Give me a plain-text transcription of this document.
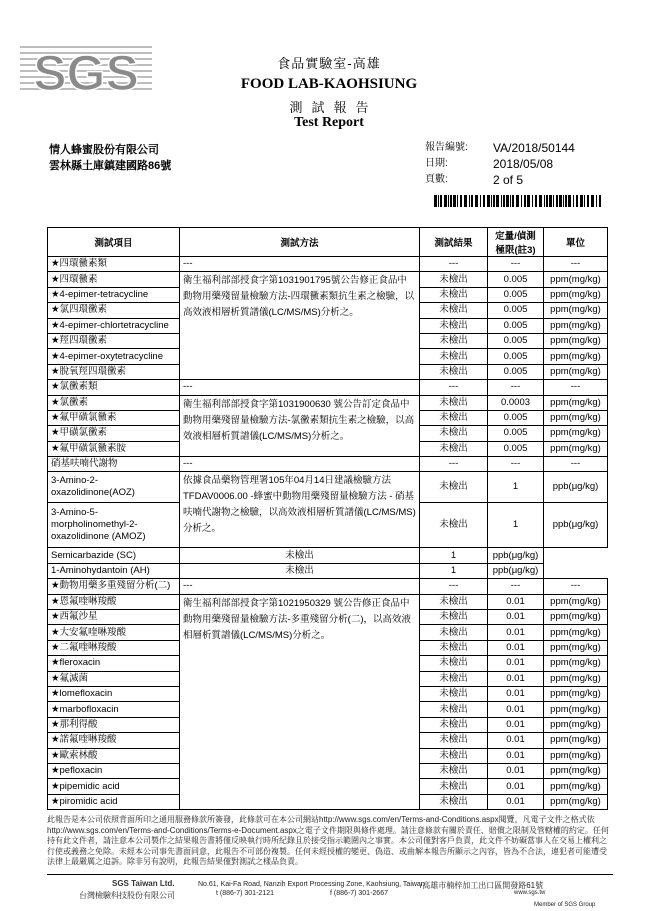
SGS	食品實驗室-高雄
FOOD LAB-KAOHSIUNG
測試報告
Test Report
情人蜂蜜股份有限公司
雲林縣土庫鎮建國路86號
報告編號:	VA/2018/50144
日期:	2018/05/08
頁數:	2 of 5
測試項目	測試方法	測試結果	定量/偵測極限(註3)	單位
★四環黴素類	---	---	---	---
★四環黴素	衛生福利部部授食字第1031901795號公告修正食品中動物用藥殘留量檢驗方法-四環黴素類抗生素之檢驗，以高效液相層析質譜儀(LC/MS/MS)分析之。	未檢出	0.005	ppm(mg/kg)
★4-epimer-tetracycline		未檢出	0.005	ppm(mg/kg)
★氯四環黴素		未檢出	0.005	ppm(mg/kg)
★4-epimer-chlortetracycline		未檢出	0.005	ppm(mg/kg)
★羥四環黴素		未檢出	0.005	ppm(mg/kg)
★4-epimer-oxytetracycline		未檢出	0.005	ppm(mg/kg)
★脫氧羥四環黴素		未檢出	0.005	ppm(mg/kg)
★氯黴素類	---	---	---	---
★氯黴素	衛生福利部部授食字第1031900630 號公告訂定食品中動物用藥殘留量檢驗方法-氯黴素類抗生素之檢驗，以高效液相層析質譜儀(LC/MS/MS)分析之。	未檢出	0.0003	ppm(mg/kg)
★氟甲磺氯黴素		未檢出	0.005	ppm(mg/kg)
★甲磺氯黴素		未檢出	0.005	ppm(mg/kg)
★氟甲磺氯黴素胺		未檢出	0.005	ppm(mg/kg)
硝基呋喃代謝物	---	---	---	---
3-Amino-2-oxazolidinone(AOZ)	依據食品藥物管理署105年04月14日建議檢驗方法TFDAV0006.00 -蜂蜜中動物用藥殘留量檢驗方法 - 硝基呋喃代謝物之檢驗，以高效液相層析質譜儀(LC/MS/MS)分析之。	未檢出	1	ppb(μg/kg)
3-Amino-5-morpholinomethyl-2-oxazolidinone (AMOZ)		未檢出	1	ppb(μg/kg)
Semicarbazide (SC)	未檢出	1	ppb(μg/kg)	
1-Aminohydantoin (AH)	未檢出	1	ppb(μg/kg)	
★動物用藥多重殘留分析(二)	---	---	---	---
★恩氟喹啉羧酸	衛生福利部部授食字第1021950329 號公告修正食品中動物用藥殘留量檢驗方法-多重殘留分析(二)，以高效液相層析質譜儀(LC/MS/MS)分析之。	未檢出	0.01	ppm(mg/kg)
★西氟沙星		未檢出	0.01	ppm(mg/kg)
★大安氟喹啉羧酸		未檢出	0.01	ppm(mg/kg)
★二氟喹啉羧酸		未檢出	0.01	ppm(mg/kg)
★fleroxacin		未檢出	0.01	ppm(mg/kg)
★氟滅菌		未檢出	0.01	ppm(mg/kg)
★lomefloxacin		未檢出	0.01	ppm(mg/kg)
★marbofloxacin		未檢出	0.01	ppm(mg/kg)
★那利得酸		未檢出	0.01	ppm(mg/kg)
★諾氟喹啉羧酸		未檢出	0.01	ppm(mg/kg)
★歐索林酸		未檢出	0.01	ppm(mg/kg)
★pefloxacin		未檢出	0.01	ppm(mg/kg)
★pipemidic acid		未檢出	0.01	ppm(mg/kg)
★piromidic acid		未檢出	0.01	ppm(mg/kg)
此報告是本公司依照背面所印之通用服務條款所簽發，此條款可在本公司網站http://www.sgs.com/en/Terms-and-Conditions.aspx閱覽，凡電子文件之格式依http://www.sgs.com/en/Terms-and-Conditions/Terms-e-Document.aspx之電子文件期限與條件處理。請注意條款有關於責任、賠償之限制及管轄權的約定。任何持有此文件者，請注意本公司製作之結果報告書將僅反映執行時所紀錄且於接受指示範圍內之事實。本公司僅對客戶負責，此文件不妨礙當事人在交易上權利之行使或義務之免除。未經本公司事先書面同意，此報告不可部份複製。任何未經授權的變更、偽造、或曲解本報告所顯示之內容，皆為不合法，違犯者可能遭受法律上最嚴厲之追訴。除非另有說明，此報告結果僅對測試之樣品負責。
SGS Taiwan Ltd.
台灣檢驗科技股份有限公司
No.61, Kai-Fa Road, Nanzih Export Processing Zone, Kaohsiung, Taiwan
/高雄市楠梓加工出口區開發路61號
t (886-7) 301-2121	f (886-7) 301-2667	www.sgs.tw
Member of SGS Group
